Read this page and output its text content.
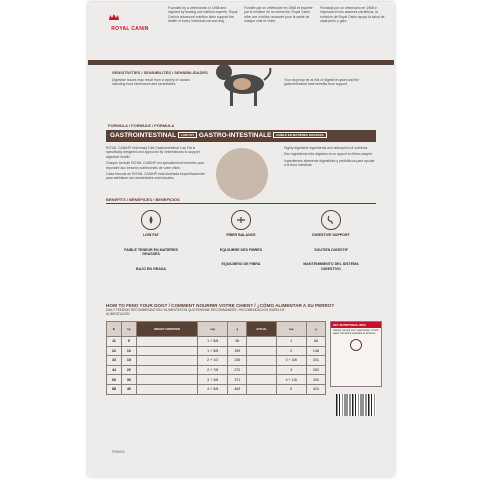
ROYAL CANIN
Founded by a veterinarian in 1968 and inspired by leading cat nutrition experts, Royal Canin's advanced nutrition diets support the health of every individual cat and dog.
Fondée par un vétérinaire en 1968 et inspirée par le meilleur de la recherche, Royal Canin offre une nutrition avancée pour la santé de chaque chat et chien.
Fundada por un veterinario en 1968 e inspirada en los avances científicos, la nutrición de Royal Canin apoya la salud de cada perro y gato.
SENSITIVITIES / SENSIBILITÉS / SENSIBILIDADES
Digestive issues may result from a variety of causes including food intolerance and sensitivities.
Your dog may be at risk of digestive upset and the gastrointestinal tract benefits from support.
FORMULA / FORMULE / FÓRMULA
GASTROINTESTINAL LOW FAT GASTRO-INTESTINALE FAIBLE EN MATIÈRES GRASSES
ROYAL CANIN® Veterinary Diet Gastrointestinal Low Fat is specifically designed and approved by veterinarians to support digestive health.
Chaque formule ROYAL CANIN® est spécialement formulée pour répondre aux besoins nutritionnels de votre chien.
Cada fórmula de ROYAL CANIN® está diseñada específicamente para satisfacer las necesidades nutricionales.
Highly digestible ingredients and absorption of nutrients.
Des ingrédients très digestes et un apport en fibres adapté.
Ingredientes altamente digestibles y prebióticos para ayudar a la flora intestinal.
BENEFITS / BÉNÉFICES / BENEFICIOS
LOW FAT
FAIBLE TENEUR EN MATIÈRES GRASSES
BAJO EN GRASA
FIBER BALANCE
ÉQUILIBRE DES FIBRES
EQUILIBRIO DE FIBRA
DIGESTIVE SUPPORT
SOUTIEN DIGESTIF
MANTENIMIENTO DEL SISTEMA DIGESTIVO
HOW TO FEED YOUR DOG? / COMMENT NOURRIR VOTRE CHIEN? / ¿CÓMO ALIMENTAR A SU PERRO?
DAILY FEEDING RECOMMENDATION / ALIMENTATION QUOTIDIENNE RECOMMANDÉE / RECOMENDACIÓN DIARIA DE ALIMENTACIÓN
lb	kg	WEIGHT CONDITION	cup	g	ACTUAL	cup	g
11	5		1 + 5/8	96		1	88
22	10		1 + 5/8	159		2	148
33	15		2 + 1/2	236		2 + 3/8	201
44	20		2 + 7/8	272		3	250
66	30		3 + 3/8	371		4 + 1/8	339
88	40		4 + 5/8	463		5	423
KEY NUTRITIONAL INFO
Always consult your veterinarian. Fresh water should be available at all times.
P000000
